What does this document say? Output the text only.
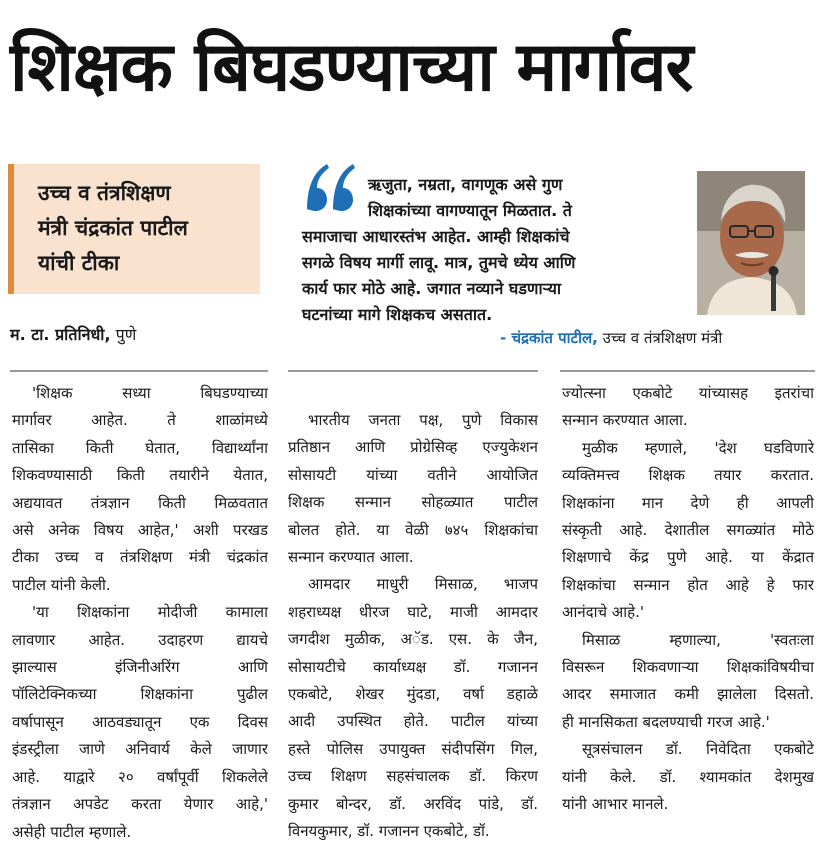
शिक्षक बिघडण्याच्या मार्गावर
उच्च व तंत्रशिक्षण
मंत्री चंद्रकांत पाटील
यांची टीका
म. टा. प्रतिनिधी, पुणे
ऋजुता, नम्रता, वागणूक असे गुण
शिक्षकांच्या वागण्यातून मिळतात. ते
समाजाचा आधारस्तंभ आहेत. आम्ही शिक्षकांचे
सगळे विषय मार्गी लावू. मात्र, तुमचे ध्येय आणि
कार्य फार मोठे आहे. जगात नव्याने घडणाऱ्या
घटनांच्या मागे शिक्षकच असतात.
- चंद्रकांत पाटील, उच्च व तंत्रशिक्षण मंत्री
'शिक्षक सध्या बिघडण्याच्या
मार्गावर आहेत. ते शाळांमध्ये
तासिका किती घेतात, विद्यार्थ्यांना
शिकवण्यासाठी किती तयारीने येतात,
अद्ययावत तंत्रज्ञान किती मिळवतात
असे अनेक विषय आहेत,' अशी परखड
टीका उच्च व तंत्रशिक्षण मंत्री चंद्रकांत
पाटील यांनी केली.
'या शिक्षकांना मोदीजी कामाला
लावणार आहेत. उदाहरण द्यायचे
झाल्यास इंजिनीअरिंग आणि
पॉलिटेक्निकच्या शिक्षकांना पुढील
वर्षापासून आठवड्यातून एक दिवस
इंडस्ट्रीला जाणे अनिवार्य केले जाणार
आहे. याद्वारे २० वर्षांपूर्वी शिकलेले
तंत्रज्ञान अपडेट करता येणार आहे,'
असेही पाटील म्हणाले.
भारतीय जनता पक्ष, पुणे विकास
प्रतिष्ठान आणि प्रोग्रेसिव्ह एज्युकेशन
सोसायटी यांच्या वतीने आयोजित
शिक्षक सन्मान सोहळ्यात पाटील
बोलत होते. या वेळी ७४५ शिक्षकांचा
सन्मान करण्यात आला.
आमदार माधुरी मिसाळ, भाजप
शहराध्यक्ष धीरज घाटे, माजी आमदार
जगदीश मुळीक, अॅड. एस. के जैन,
सोसायटीचे कार्याध्यक्ष डॉ. गजानन
एकबोटे, शेखर मुंदडा, वर्षा डहाळे
आदी उपस्थित होते. पाटील यांच्या
हस्ते पोलिस उपायुक्त संदीपसिंग गिल,
उच्च शिक्षण सहसंचालक डॉ. किरण
कुमार बोन्दर, डॉ. अरविंद पांडे, डॉ.
विनयकुमार, डॉ. गजानन एकबोटे, डॉ.
ज्योत्स्ना एकबोटे यांच्यासह इतरांचा
सन्मान करण्यात आला.
मुळीक म्हणाले, 'देश घडविणारे
व्यक्तिमत्त्व शिक्षक तयार करतात.
शिक्षकांना मान देणे ही आपली
संस्कृती आहे. देशातील सगळ्यांत मोठे
शिक्षणाचे केंद्र पुणे आहे. या केंद्रात
शिक्षकांचा सन्मान होत आहे हे फार
आनंदाचे आहे.'
मिसाळ म्हणाल्या, 'स्वतःला
विसरून शिकवणाऱ्या शिक्षकांविषयीचा
आदर समाजात कमी झालेला दिसतो.
ही मानसिकता बदलण्याची गरज आहे.'
सूत्रसंचालन डॉ. निवेदिता एकबोटे
यांनी केले. डॉ. श्यामकांत देशमुख
यांनी आभार मानले.
